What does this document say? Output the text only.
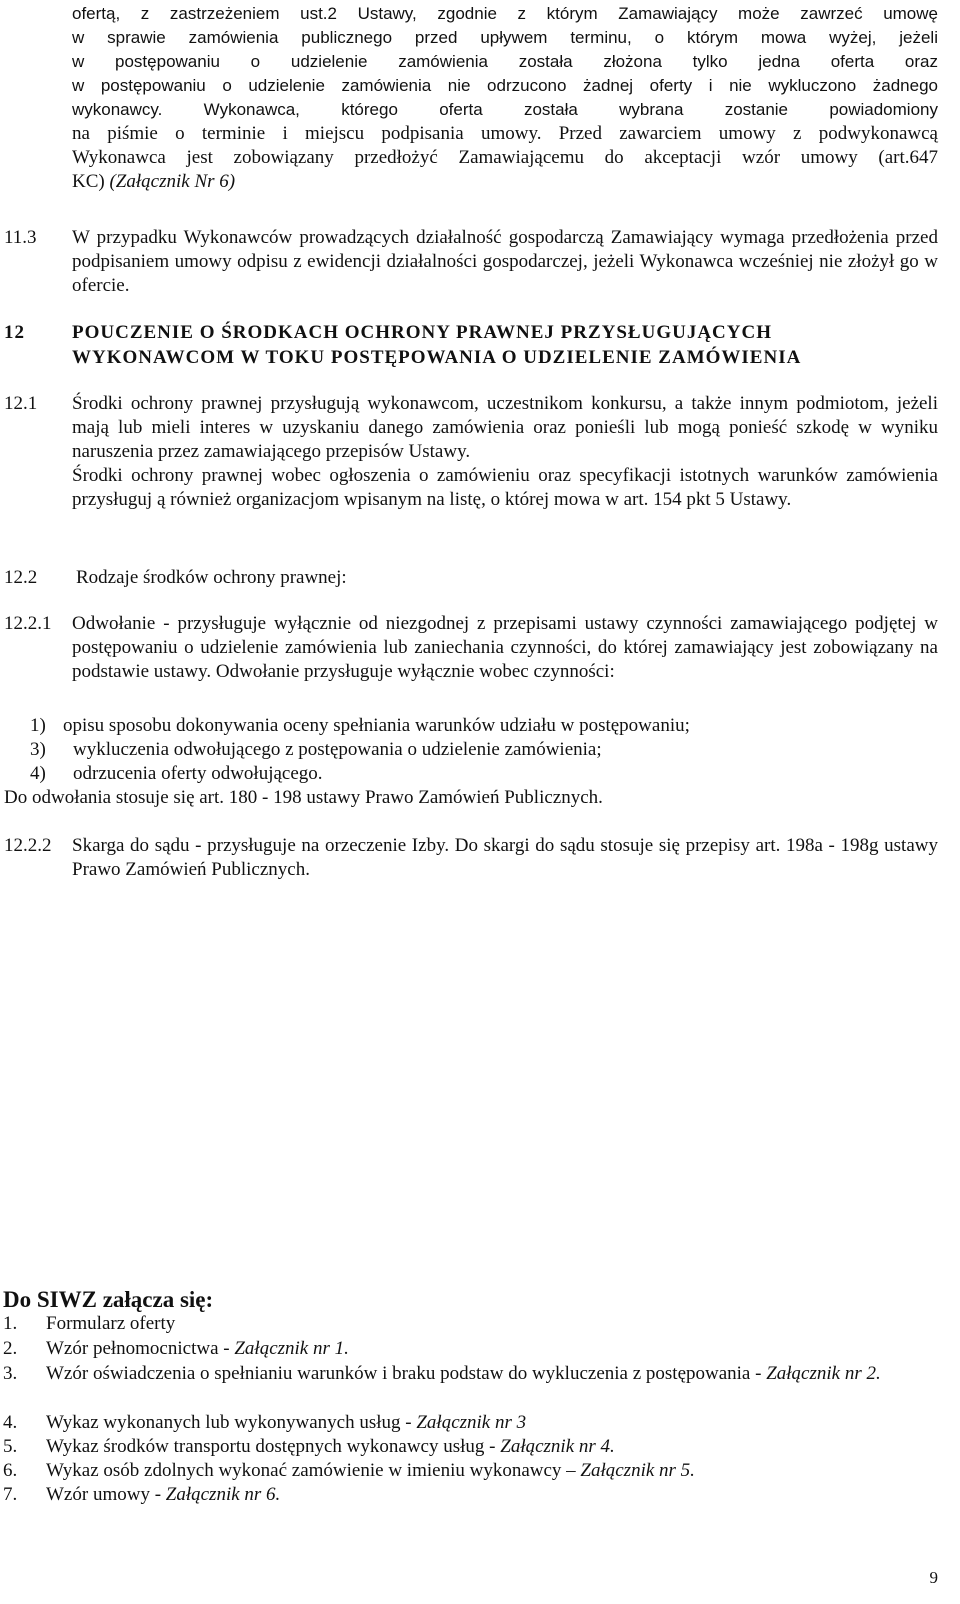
ofertą, z zastrzeżeniem ust.2 Ustawy, zgodnie z którym Zamawiający może zawrzeć umowę
w sprawie zamówienia publicznego przed upływem terminu, o którym mowa wyżej, jeżeli
w postępowaniu o udzielenie zamówienia została złożona tylko jedna oferta oraz
w postępowaniu o udzielenie zamówienia nie odrzucono żadnej oferty i nie wykluczono żadnego
wykonawcy. Wykonawca, którego oferta została wybrana zostanie powiadomiony
na piśmie o terminie i miejscu podpisania umowy. Przed zawarciem umowy z podwykonawcą
Wykonawca jest zobowiązany przedłożyć Zamawiającemu do akceptacji wzór umowy (art.647
KC) (Załącznik Nr 6)
11.3 W przypadku Wykonawców prowadzących działalność gospodarczą Zamawiający wymaga przedłożenia przed podpisaniem umowy odpisu z ewidencji działalności gospodarczej, jeżeli Wykonawca wcześniej nie złożył go w ofercie.
12 POUCZENIE O ŚRODKACH OCHRONY PRAWNEJ PRZYSŁUGUJĄCYCH
WYKONAWCOM W TOKU POSTĘPOWANIA O UDZIELENIE ZAMÓWIENIA
12.1 Środki ochrony prawnej przysługują wykonawcom, uczestnikom konkursu, a także innym podmiotom, jeżeli mają lub mieli interes w uzyskaniu danego zamówienia oraz ponieśli lub mogą ponieść szkodę w wyniku naruszenia przez zamawiającego przepisów Ustawy.
Środki ochrony prawnej wobec ogłoszenia o zamówieniu oraz specyfikacji istotnych warunków zamówienia przysługuj ą również organizacjom wpisanym na listę, o której mowa w art. 154 pkt 5 Ustawy.
12.2 Rodzaje środków ochrony prawnej:
12.2.1 Odwołanie - przysługuje wyłącznie od niezgodnej z przepisami ustawy czynności zamawiającego podjętej w postępowaniu o udzielenie zamówienia lub zaniechania czynności, do której zamawiający jest zobowiązany na podstawie ustawy. Odwołanie przysługuje wyłącznie wobec czynności:
1) opisu sposobu dokonywania oceny spełniania warunków udziału w postępowaniu;
3) wykluczenia odwołującego z postępowania o udzielenie zamówienia;
4) odrzucenia oferty odwołującego.
Do odwołania stosuje się art. 180 - 198 ustawy Prawo Zamówień Publicznych.
12.2.2 Skarga do sądu - przysługuje na orzeczenie Izby. Do skargi do sądu stosuje się przepisy art. 198a - 198g ustawy Prawo Zamówień Publicznych.
Do SIWZ załącza się:
1. Formularz oferty
2. Wzór pełnomocnictwa - Załącznik nr 1.
3. Wzór oświadczenia o spełnianiu warunków i braku podstaw do wykluczenia z postępowania - Załącznik nr 2.
4. Wykaz wykonanych lub wykonywanych usług - Załącznik nr 3
5. Wykaz środków transportu dostępnych wykonawcy usług - Załącznik nr 4.
6. Wykaz osób zdolnych wykonać zamówienie w imieniu wykonawcy – Załącznik nr 5.
7. Wzór umowy - Załącznik nr 6.
9
